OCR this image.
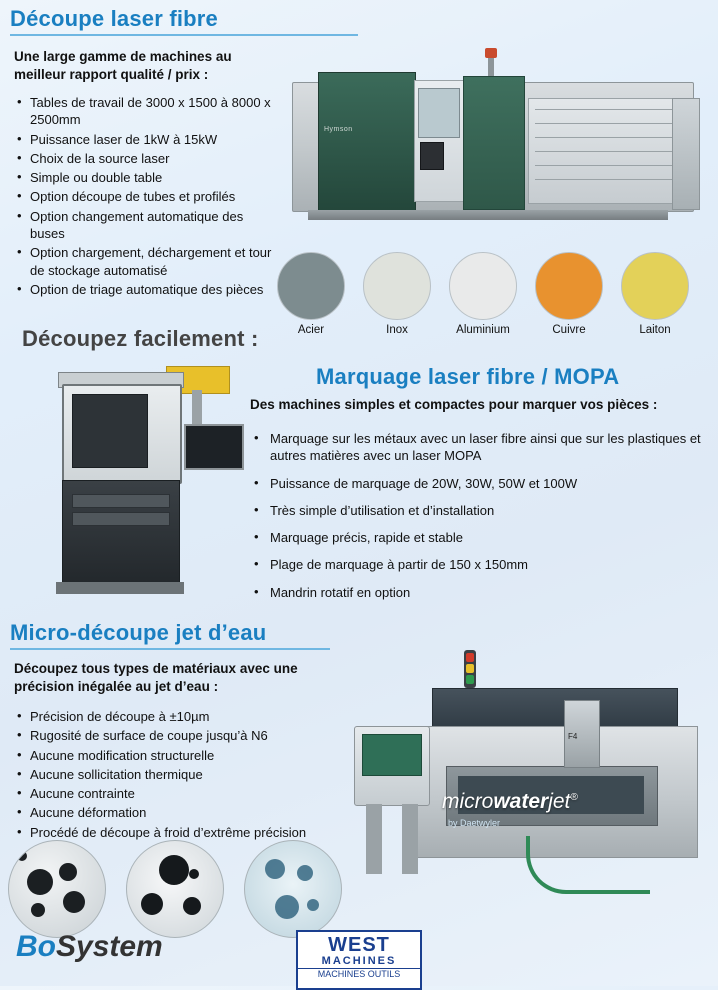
Découpe laser fibre
Une large gamme de machines au meilleur rapport qualité / prix :
• Tables de travail de 3000 x 1500 à 8000 x 2500mm
• Puissance laser de 1kW à 15kW
• Choix de la source laser
• Simple ou double table
• Option découpe de tubes et profilés
• Option changement automatique des buses
• Option chargement, déchargement et tour de stockage automatisé
• Option de triage automatique des pièces
Hymson
Acier	Inox	Aluminium	Cuivre	Laiton
Découpez facilement :
Marquage laser fibre / MOPA
Des machines simples et compactes pour marquer vos pièces :
• Marquage sur les métaux avec un laser fibre ainsi que sur les plastiques et autres matières avec un laser MOPA
• Puissance de marquage de 20W, 30W, 50W et 100W
• Très simple d’utilisation et d’installation
• Marquage précis, rapide et stable
• Plage de marquage à partir de 150 x 150mm
• Mandrin rotatif en option
Micro-découpe jet d’eau
Découpez tous types de matériaux avec une précision inégalée au jet d’eau :
• Précision de découpe à ±10µm
• Rugosité de surface de coupe jusqu’à N6
• Aucune modification structurelle
• Aucune sollicitation thermique
• Aucune contrainte
• Aucune déformation
• Procédé de découpe à froid d’extrême précision
F4
microwaterjet®
by Daetwyler
BoSystem	WEST
MACHINES
MACHINES OUTILS
